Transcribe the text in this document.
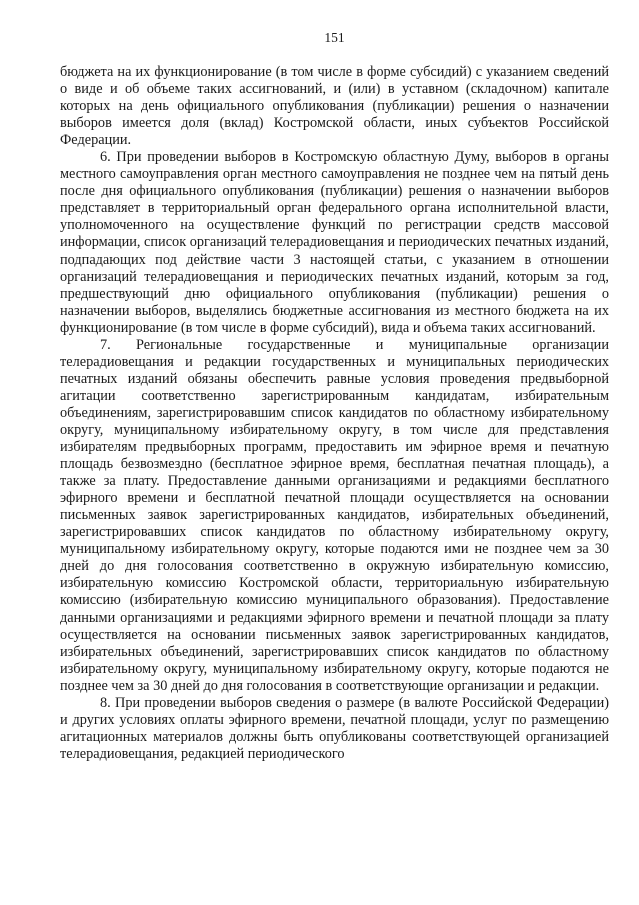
151

бюджета на их функционирование (в том числе в форме субсидий) с указанием сведений о виде и об объеме таких ассигнований, и (или) в уставном (складочном) капитале которых на день официального опубликования (публикации) решения о назначении выборов имеется доля (вклад) Костромской области, иных субъектов Российской Федерации.

6. При проведении выборов в Костромскую областную Думу, выборов в органы местного самоуправления орган местного самоуправления не позднее чем на пятый день после дня официального опубликования (публикации) решения о назначении выборов представляет в территориальный орган федерального органа исполнительной власти, уполномоченного на осуществление функций по регистрации средств массовой информации, список организаций телерадиовещания и периодических печатных изданий, подпадающих под действие части 3 настоящей статьи, с указанием в отношении организаций телерадиовещания и периодических печатных изданий, которым за год, предшествующий дню официального опубликования (публикации) решения о назначении выборов, выделялись бюджетные ассигнования из местного бюджета на их функционирование (в том числе в форме субсидий), вида и объема таких ассигнований.

7. Региональные государственные и муниципальные организации телерадиовещания и редакции государственных и муниципальных периодических печатных изданий обязаны обеспечить равные условия проведения предвыборной агитации соответственно зарегистрированным кандидатам, избирательным объединениям, зарегистрировавшим список кандидатов по областному избирательному округу, муниципальному избирательному округу, в том числе для представления избирателям предвыборных программ, предоставить им эфирное время и печатную площадь безвозмездно (бесплатное эфирное время, бесплатная печатная площадь), а также за плату. Предоставление данными организациями и редакциями бесплатного эфирного времени и бесплатной печатной площади осуществляется на основании письменных заявок зарегистрированных кандидатов, избирательных объединений, зарегистрировавших список кандидатов по областному избирательному округу, муниципальному избирательному округу, которые подаются ими не позднее чем за 30 дней до дня голосования соответственно в окружную избирательную комиссию, избирательную комиссию Костромской области, территориальную избирательную комиссию (избирательную комиссию муниципального образования). Предоставление данными организациями и редакциями эфирного времени и печатной площади за плату осуществляется на основании письменных заявок зарегистрированных кандидатов, избирательных объединений, зарегистрировавших список кандидатов по областному избирательному округу, муниципальному избирательному округу, которые подаются не позднее чем за 30 дней до дня голосования в соответствующие организации и редакции.

8. При проведении выборов сведения о размере (в валюте Российской Федерации) и других условиях оплаты эфирного времени, печатной площади, услуг по размещению агитационных материалов должны быть опубликованы соответствующей организацией телерадиовещания, редакцией периодического
